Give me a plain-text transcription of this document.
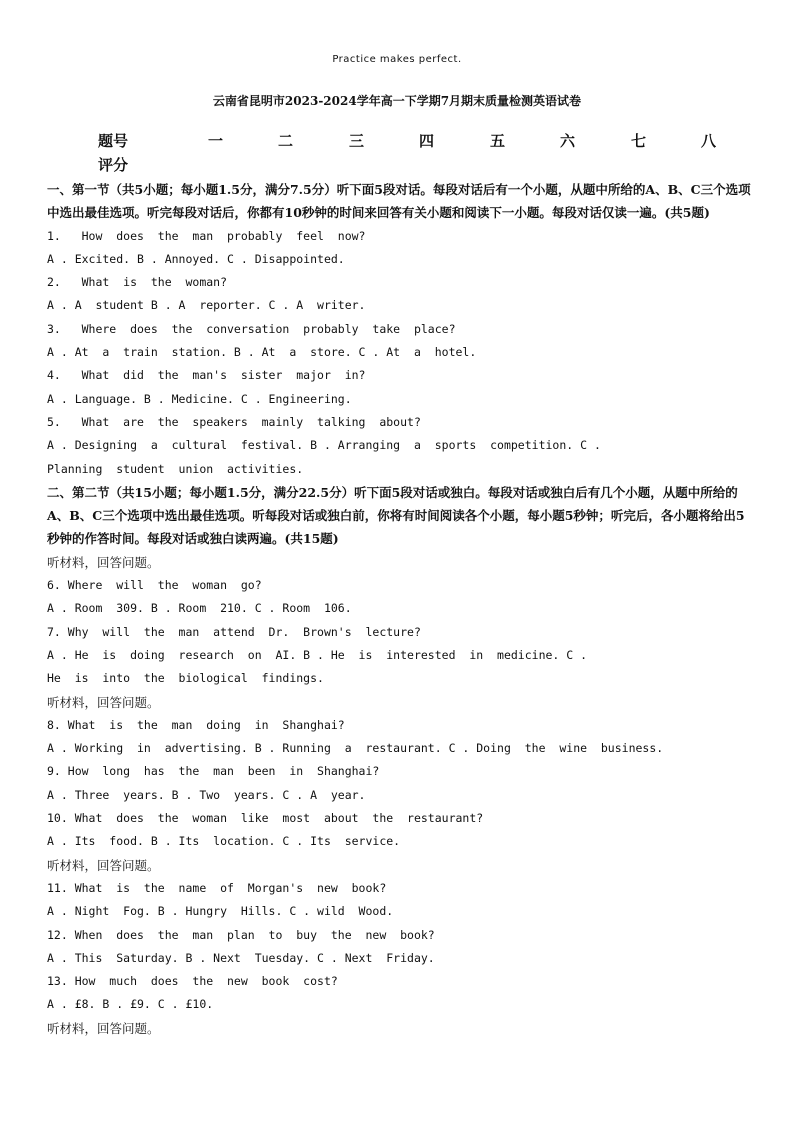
Practice makes perfect.
云南省昆明市2023-2024学年高一下学期7月期末质量检测英语试卷
题号	一	二	三	四	五	六	七	八
评分
一、第一节（共5小题；每小题1.5分，满分7.5分）听下面5段对话。每段对话后有一个小题，从题中所给的A、B、C三个选项中选出最佳选项。听完每段对话后，你都有10秒钟的时间来回答有关小题和阅读下一小题。每段对话仅读一遍。(共5题)
1.   How  does  the  man  probably  feel  now?
A . Excited. B . Annoyed. C . Disappointed.
2.   What  is  the  woman?
A . A  student B . A  reporter. C . A  writer.
3.   Where  does  the  conversation  probably  take  place?
A . At  a  train  station. B . At  a  store. C . At  a  hotel.
4.   What  did  the  man's  sister  major  in?
A . Language. B . Medicine. C . Engineering.
5.   What  are  the  speakers  mainly  talking  about?
A . Designing  a  cultural  festival. B . Arranging  a  sports  competition. C .
Planning  student  union  activities.
二、第二节（共15小题；每小题1.5分，满分22.5分）听下面5段对话或独白。每段对话或独白后有几个小题，从题中所给的A、B、C三个选项中选出最佳选项。听每段对话或独白前，你将有时间阅读各个小题，每小题5秒钟；听完后，各小题将给出5秒钟的作答时间。每段对话或独白读两遍。(共15题)
听材料，回答问题。
6. Where  will  the  woman  go?
A . Room  309. B . Room  210. C . Room  106.
7. Why  will  the  man  attend  Dr.  Brown's  lecture?
A . He  is  doing  research  on  AI. B . He  is  interested  in  medicine. C .
He  is  into  the  biological  findings.
听材料，回答问题。
8. What  is  the  man  doing  in  Shanghai?
A . Working  in  advertising. B . Running  a  restaurant. C . Doing  the  wine  business.
9. How  long  has  the  man  been  in  Shanghai?
A . Three  years. B . Two  years. C . A  year.
10. What  does  the  woman  like  most  about  the  restaurant?
A . Its  food. B . Its  location. C . Its  service.
听材料，回答问题。
11. What  is  the  name  of  Morgan's  new  book?
A . Night  Fog. B . Hungry  Hills. C . wild  Wood.
12. When  does  the  man  plan  to  buy  the  new  book?
A . This  Saturday. B . Next  Tuesday. C . Next  Friday.
13. How  much  does  the  new  book  cost?
A . £8. B . £9. C . £10.
听材料，回答问题。
